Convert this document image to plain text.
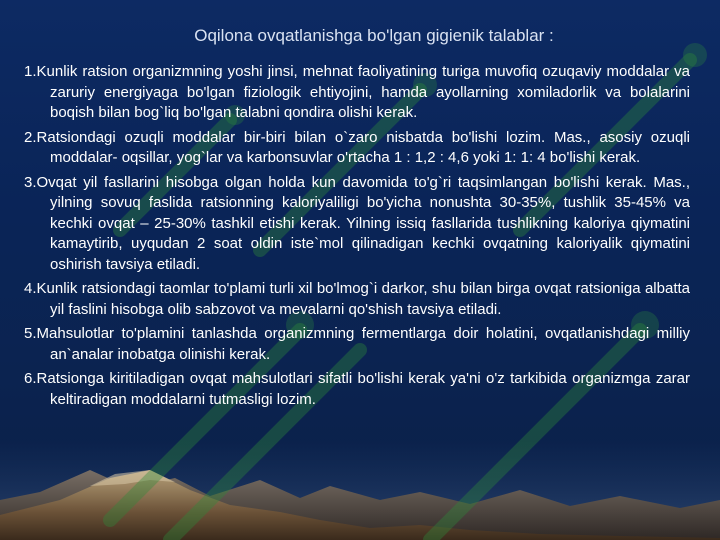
Oqilona ovqatlanishga bo'lgan gigienik talablar :

1.Kunlik ratsion organizmning yoshi jinsi, mehnat faoliyatining turiga muvofiq ozuqaviy moddalar va zaruriy energiyaga bo'lgan fiziologik ehtiyojini, hamda ayollarning xomiladorlik va bolalarini boqish bilan bog`liq bo'lgan talabni qondira olishi kerak.

2.Ratsiondagi ozuqli moddalar bir-biri bilan o`zaro nisbatda bo'lishi lozim. Mas., asosiy ozuqli moddalar- oqsillar, yog`lar va karbonsuvlar o'rtacha 1 : 1,2 : 4,6 yoki 1: 1: 4 bo'lishi kerak.

3.Ovqat yil fasllarini hisobga olgan holda kun davomida to'g`ri taqsimlangan bo'lishi kerak. Mas., yilning sovuq faslida ratsionning kaloriyaliligi bo'yicha nonushta 30-35%, tushlik 35-45% va kechki ovqat – 25-30% tashkil etishi kerak. Yilning issiq fasllarida tushlikning kaloriya qiymatini kamaytirib, uyqudan 2 soat oldin iste`mol qilinadigan kechki ovqatning kaloriyalik qiymatini oshirish tavsiya etiladi.

4.Kunlik ratsiondagi taomlar to'plami turli xil bo'lmog`i darkor, shu bilan birga ovqat ratsioniga albatta yil faslini hisobga olib sabzovot va mevalarni qo'shish tavsiya etiladi.

5.Mahsulotlar to'plamini tanlashda organizmning fermentlarga doir holatini, ovqatlanishdagi milliy an`analar inobatga olinishi kerak.

6.Ratsionga kiritiladigan ovqat mahsulotlari sifatli bo'lishi kerak ya'ni o'z tarkibida organizmga zarar keltiradigan moddalarni tutmasligi lozim.
